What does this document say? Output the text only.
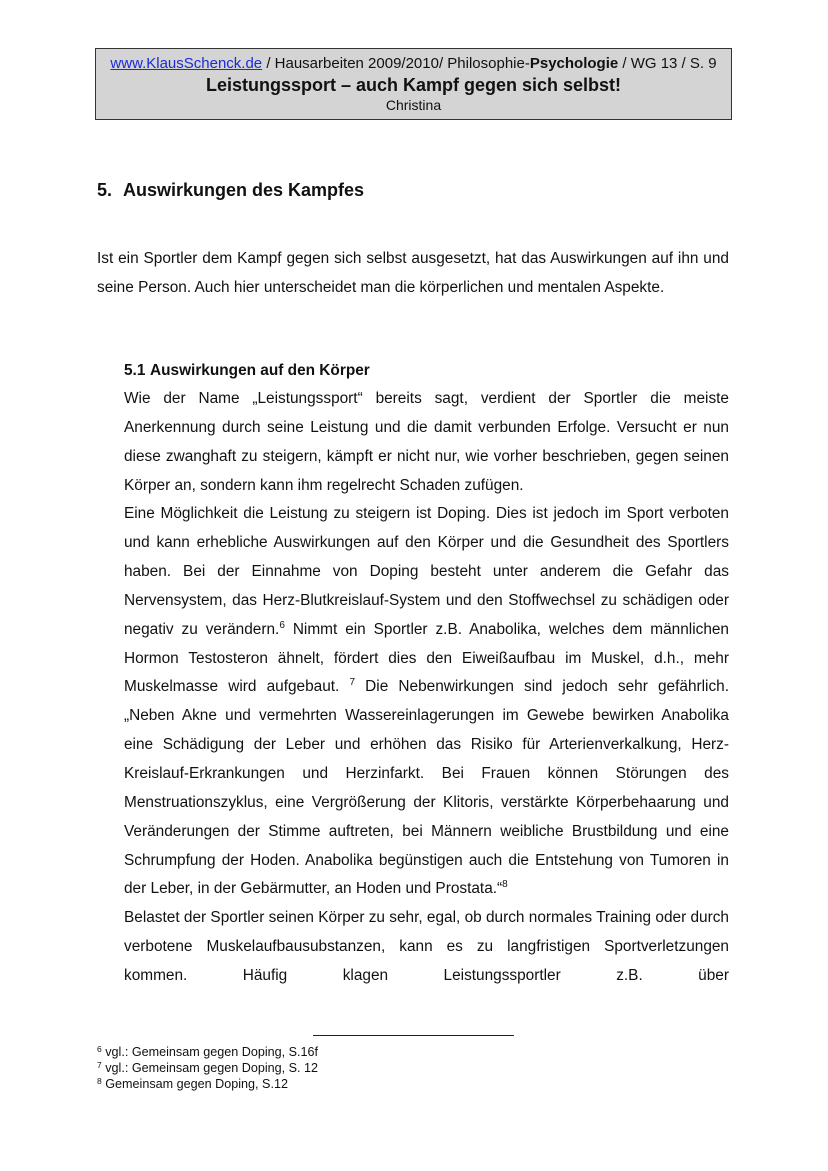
www.KlausSchenck.de / Hausarbeiten 2009/2010/ Philosophie-Psychologie / WG 13 / S. 9
Leistungssport – auch Kampf gegen sich selbst!
Christina
5. Auswirkungen des Kampfes

Ist ein Sportler dem Kampf gegen sich selbst ausgesetzt, hat das Auswirkungen auf ihn und seine Person. Auch hier unterscheidet man die körperlichen und mentalen Aspekte.

5.1 Auswirkungen auf den Körper

Wie der Name „Leistungssport“ bereits sagt, verdient der Sportler die meiste Anerkennung durch seine Leistung und die damit verbunden Erfolge. Versucht er nun diese zwanghaft zu steigern, kämpft er nicht nur, wie vorher beschrieben, gegen seinen Körper an, sondern kann ihm regelrecht Schaden zufügen.

Eine Möglichkeit die Leistung zu steigern ist Doping. Dies ist jedoch im Sport verboten und kann erhebliche Auswirkungen auf den Körper und die Gesundheit des Sportlers haben. Bei der Einnahme von Doping besteht unter anderem die Gefahr das Nervensystem, das Herz-Blutkreislauf-System und den Stoffwechsel zu schädigen oder negativ zu verändern.$^6$ Nimmt ein Sportler z.B. Anabolika, welches dem männlichen Hormon Testosteron ähnelt, fördert dies den Eiweißaufbau im Muskel, d.h., mehr Muskelmasse wird aufgebaut. $^7$ Die Nebenwirkungen sind jedoch sehr gefährlich. „Neben Akne und vermehrten Wassereinlagerungen im Gewebe bewirken Anabolika eine Schädigung der Leber und erhöhen das Risiko für Arterienverkalkung, Herz-Kreislauf-Erkrankungen und Herzinfarkt. Bei Frauen können Störungen des Menstruationszyklus, eine Vergrößerung der Klitoris, verstärkte Körperbehaarung und Veränderungen der Stimme auftreten, bei Männern weibliche Brustbildung und eine Schrumpfung der Hoden. Anabolika begünstigen auch die Entstehung von Tumoren in der Leber, in der Gebärmutter, an Hoden und Prostata.“$^8$

Belastet der Sportler seinen Körper zu sehr, egal, ob durch normales Training oder durch verbotene Muskelaufbausubstanzen, kann es zu langfristigen Sportverletzungen kommen. Häufig klagen Leistungssportler z.B. über

$^6$ vgl.: Gemeinsam gegen Doping, S.16f
$^7$ vgl.: Gemeinsam gegen Doping, S. 12
$^8$ Gemeinsam gegen Doping, S.12
